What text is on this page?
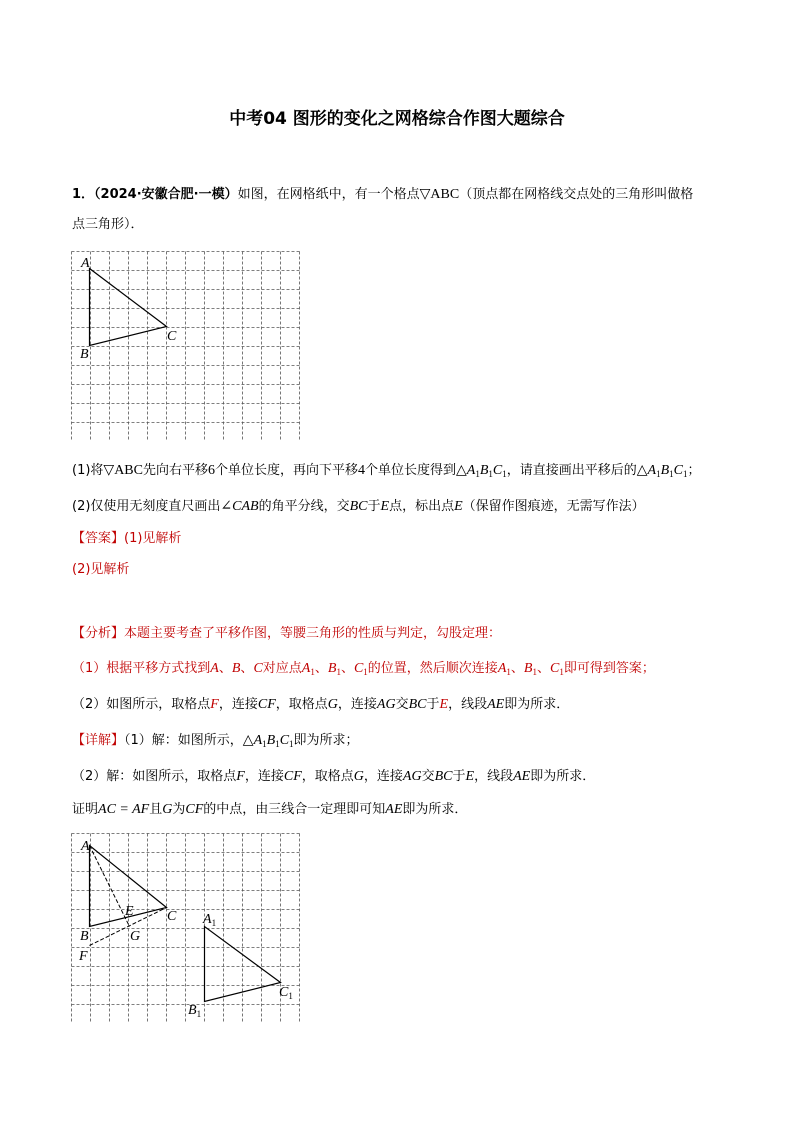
中考04 图形的变化之网格综合作图大题综合
1．（2024·安徽合肥·一模）如图，在网格纸中，有一个格点▽ABC（顶点都在网格线交点处的三角形叫做格
点三角形）．
A
B
C
(1)将▽ABC先向右平移6个单位长度，再向下平移4个单位长度得到$\triangle A_1B_1C_1$，请直接画出平移后的$\triangle A_1B_1C_1$；
(2)仅使用无刻度直尺画出∠CAB的角平分线，交BC于E点，标出点E（保留作图痕迹，无需写作法）
【答案】(1)见解析
(2)见解析
【分析】本题主要考查了平移作图，等腰三角形的性质与判定，勾股定理：
（1）根据平移方式找到A、B、C对应点$A_1$、$B_1$、$C_1$的位置，然后顺次连接$A_1$、$B_1$、$C_1$即可得到答案；
（2）如图所示，取格点F，连接CF，取格点G，连接AG交BC于E，线段AE即为所求．
【详解】（1）解：如图所示，$\triangle A_1B_1C_1$即为所求；
（2）解：如图所示，取格点F，连接CF，取格点G，连接AG交BC于E，线段AE即为所求．
证明AC = AF且G为CF的中点，由三线合一定理即可知AE即为所求．
A
B
C
E
G
F
$A_1$
$B_1$
$C_1$
